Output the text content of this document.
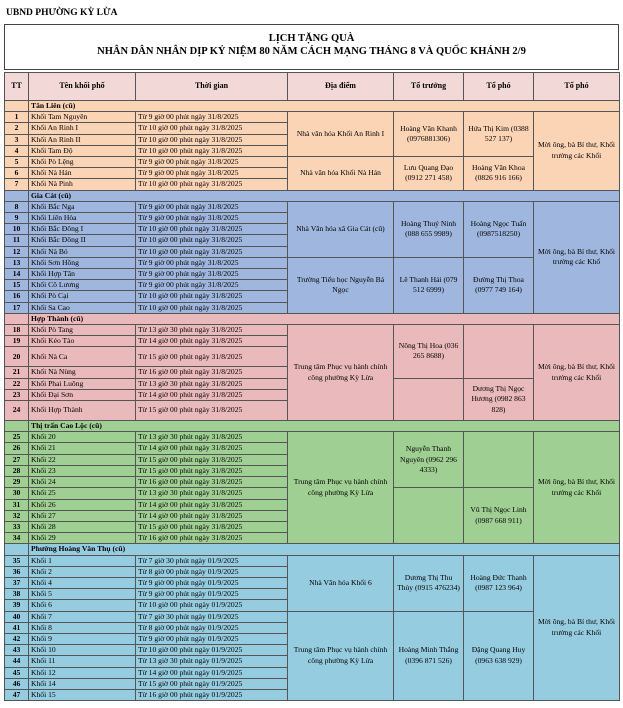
UBND PHƯỜNG KỲ LỪA
LỊCH TẶNG QUÀ
NHÂN DÂN NHÂN DỊP KỶ NIỆM 80 NĂM CÁCH MẠNG THÁNG 8 VÀ QUỐC KHÁNH 2/9
TT	Tên khối phố	Thời gian	Địa điểm	Tổ trưởng	Tổ phó	Tổ phó
	Tân Liên (cũ)					
1	Khối Tam Nguyên	Từ 9 giờ 00 phút ngày 31/8/2025	Nhà văn hóa Khối An Rinh I	Hoàng Văn Khanh (0976881306)	Hứa Thị Kim (0388 527 137)	Mời ông, bà Bí thư, Khối trưởng các Khối
2	Khối An Rinh I	Từ 10 giờ 00 phút ngày 31/8/2025				
3	Khối An Rinh II	Từ 10 giờ 00 phút ngày 31/8/2025				
4	Khối Tam Độ	Từ 10 giờ 00 phút ngày 31/8/2025				
5	Khối Pò Lệng	Từ 9 giờ 00 phút ngày 31/8/2025	Nhà văn hóa Khối Nà Hán	Lưu Quang Đạo (0912 271 458)	Hoàng Văn Khoa (0826 916 166)	
6	Khối Nà Hán	Từ 9 giờ 00 phút ngày 31/8/2025				
7	Khối Nà Pinh	Từ 10 giờ 00 phút ngày 31/8/2025				
	Gia Cát (cũ)					
8	Khối Bắc Nga	Từ 9 giờ 00 phút ngày 31/8/2025	Nhà Văn hóa xã Gia Cát (cũ)	Hoàng Thuý Ninh (088 655 9989)	Hoàng Ngọc Tuấn (0987518250)	Mời ông, bà Bí thư, Khối trưởng các Khố
9	Khối Liên Hòa	Từ 9 giờ 00 phút ngày 31/8/2025				
10	Khối Bắc Đông I	Từ 10 giờ 00 phút ngày 31/8/2025				
11	Khối Bắc Đông II	Từ 10 giờ 00 phút ngày 31/8/2025				
12	Khối Nà Bó	Từ 10 giờ 00 phút ngày 31/8/2025				
13	Khối Sơn Hồng	Từ 9 giờ 00 phút ngày 31/8/2025	Trường Tiểu học Nguyễn Bá Ngọc	Lê Thanh Hải (079 512 6999)	Đường Thị Thoa (0977 749 164)	
14	Khối Hợp Tân	Từ 9 giờ 00 phút ngày 31/8/2025				
15	Khối Cô Lương	Từ 9 giờ 00 phút ngày 31/8/2025				
16	Khối Pò Cại	Từ 10 giờ 00 phút ngày 31/8/2025				
17	Khối Sa Cao	Từ 10 giờ 00 phút ngày 31/8/2025				
	Hợp Thành (cũ)					
18	Khối Pò Tang	Từ 13 giờ 30 phút ngày 31/8/2025	Trung tâm Phục vụ hành chính công phường Kỳ Lừa	Nông Thị Hoa (036 265 8688)		Mời ông, bà Bí thư, Khối trưởng các Khối
19	Khối Kéo Tào	Từ 14 giờ 00 phút ngày 31/8/2025				
20	Khối Nà Ca	Từ 15 giờ 00 phút ngày 31/8/2025				
21	Khối Nà Nùng	Từ 16 giờ 00 phút ngày 31/8/2025				
22	Khối Phai Luông	Từ 13 giờ 30 phút ngày 31/8/2025			Dương Thị Ngọc Hương (0982 863 828)	
23	Khối Đại Sơn	Từ 14 giờ 00 phút ngày 31/8/2025				
24	Khối Hợp Thành	Từ 15 giờ 00 phút ngày 31/8/2025				
	Thị trấn Cao Lộc (cũ)					
25	Khối 20	Từ 13 giờ 30 phút ngày 31/8/2025	Trung tâm Phục vụ hành chính công phường Kỳ Lừa	Nguyễn Thanh Nguyên (0962 296 4333)		Mời ông, bà Bí thư, Khối trưởng các Khối
26	Khối 21	Từ 14 giờ 00 phút ngày 31/8/2025				
27	Khối 22	Từ 15 giờ 00 phút ngày 31/8/2025				
28	Khối 23	Từ 15 giờ 00 phút ngày 31/8/2025				
29	Khối 24	Từ 16 giờ 00 phút ngày 31/8/2025				
30	Khối 25	Từ 13 giờ 30 phút ngày 31/8/2025			Vũ Thị Ngọc Linh (0987 668 911)	
31	Khối 26	Từ 14 giờ 00 phút ngày 31/8/2025				
32	Khối 27	Từ 14 giờ 00 phút ngày 31/8/2025				
33	Khối 28	Từ 15 giờ 00 phút ngày 31/8/2025				
34	Khối 29	Từ 16 giờ 00 phút ngày 31/8/2025				
	Phường Hoàng Văn Thụ (cũ)					
35	Khối 1	Từ 7 giờ 30 phút ngày 01/9/2025	Nhà Văn hóa Khối 6	Dương Thị Thu Thủy (0915 476234)	Hoàng Đức Thanh (0987 123 964)	Mời ông, bà Bí thư, Khối trưởng các Khối
36	Khối 2	Từ 8 giờ 00 phút ngày 01/9/2025				
37	Khối 4	Từ 9 giờ 00 phút ngày 01/9/2025				
38	Khối 5	Từ 9 giờ 00 phút ngày 01/9/2025				
39	Khối 6	Từ 10 giờ 00 phút ngày 01/9/2025				
40	Khối 7	Từ 7 giờ 30 phút ngày 01/9/2025	Trung tâm Phục vụ hành chính công phường Kỳ Lừa	Hoàng Minh Thắng (0396 871 526)	Đặng Quang Huy (0963 638 929)	
41	Khối 8	Từ 8 giờ 00 phút ngày 01/9/2025				
42	Khối 9	Từ 9 giờ 00 phút ngày 01/9/2025				
43	Khối 10	Từ 10 giờ 00 phút ngày 01/9/2025				
44	Khối 11	Từ 13 giờ 30 phút ngày 01/9/2025				
45	Khối 12	Từ 14 giờ 00 phút ngày 01/9/2025				
46	Khối 14	Từ 15 giờ 00 phút ngày 01/9/2025				
47	Khối 15	Từ 16 giờ 00 phút ngày 01/9/2025				
